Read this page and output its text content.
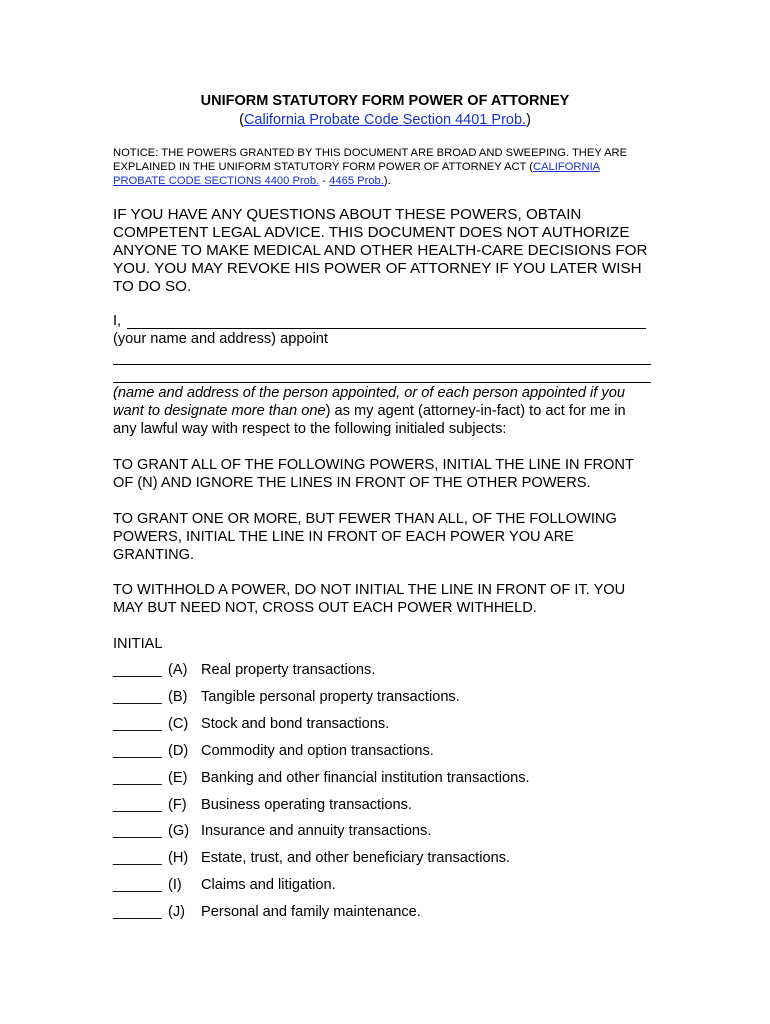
UNIFORM STATUTORY FORM POWER OF ATTORNEY
(California Probate Code Section 4401 Prob.)
NOTICE: THE POWERS GRANTED BY THIS DOCUMENT ARE BROAD AND SWEEPING. THEY ARE
EXPLAINED IN THE UNIFORM STATUTORY FORM POWER OF ATTORNEY ACT (CALIFORNIA
PROBATE CODE SECTIONS 4400 Prob. - 4465 Prob.).
IF YOU HAVE ANY QUESTIONS ABOUT THESE POWERS, OBTAIN
COMPETENT LEGAL ADVICE. THIS DOCUMENT DOES NOT AUTHORIZE
ANYONE TO MAKE MEDICAL AND OTHER HEALTH-CARE DECISIONS FOR
YOU. YOU MAY REVOKE HIS POWER OF ATTORNEY IF YOU LATER WISH
TO DO SO.
I,
(your name and address) appoint
(name and address of the person appointed, or of each person appointed if you
want to designate more than one) as my agent (attorney-in-fact) to act for me in
any lawful way with respect to the following initialed subjects:
TO GRANT ALL OF THE FOLLOWING POWERS, INITIAL THE LINE IN FRONT
OF (N) AND IGNORE THE LINES IN FRONT OF THE OTHER POWERS.
TO GRANT ONE OR MORE, BUT FEWER THAN ALL, OF THE FOLLOWING
POWERS, INITIAL THE LINE IN FRONT OF EACH POWER YOU ARE
GRANTING.
TO WITHHOLD A POWER, DO NOT INITIAL THE LINE IN FRONT OF IT. YOU
MAY BUT NEED NOT, CROSS OUT EACH POWER WITHHELD.
INITIAL
______ (A) Real property transactions.
______ (B) Tangible personal property transactions.
______ (C) Stock and bond transactions.
______ (D) Commodity and option transactions.
______ (E) Banking and other financial institution transactions.
______ (F) Business operating transactions.
______ (G) Insurance and annuity transactions.
______ (H) Estate, trust, and other beneficiary transactions.
______ (I) Claims and litigation.
______ (J) Personal and family maintenance.
